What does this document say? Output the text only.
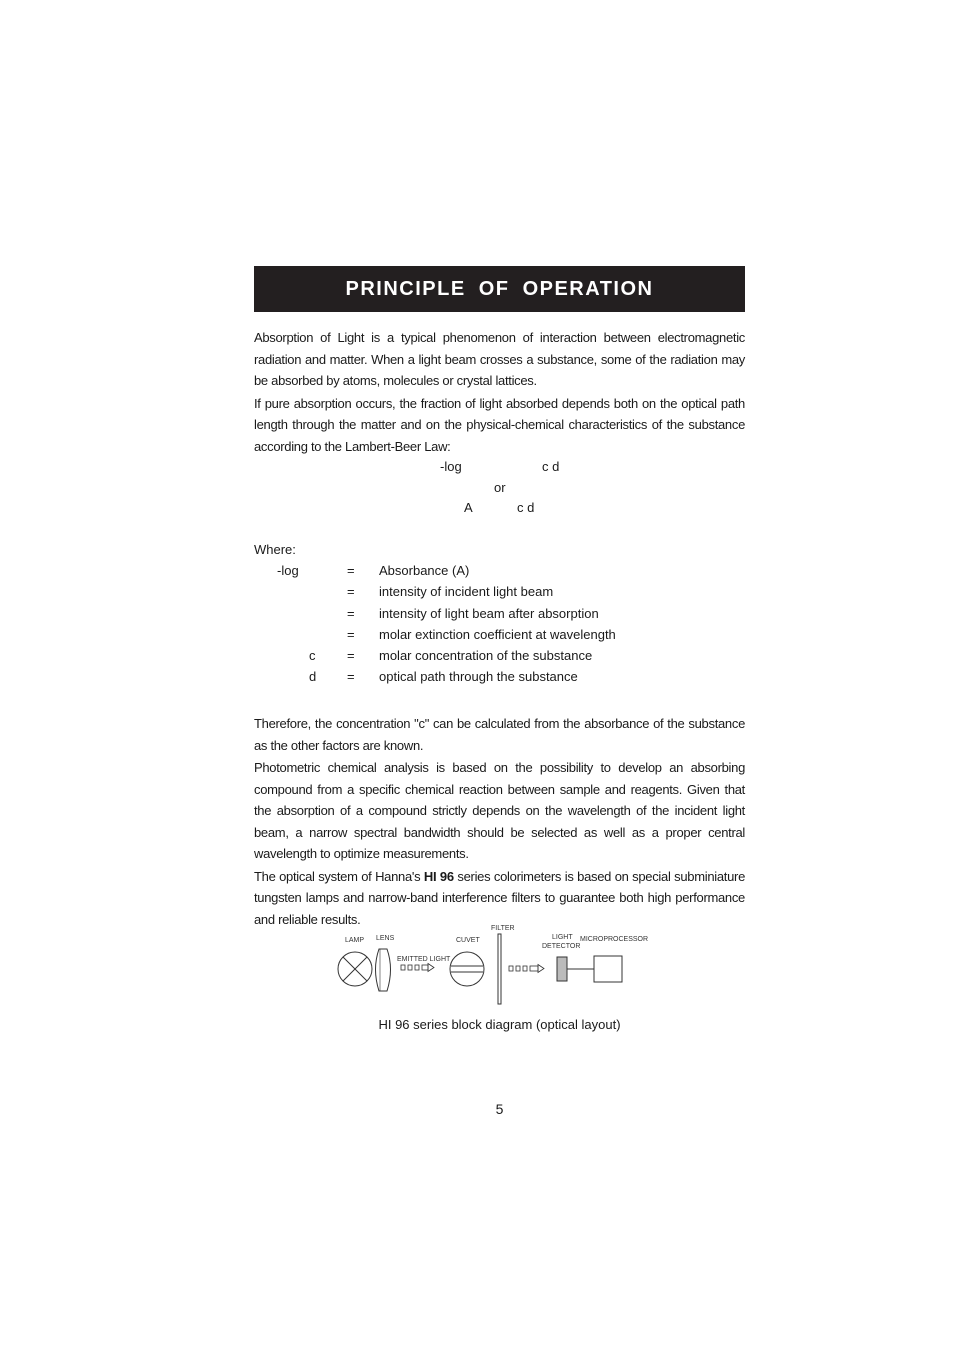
PRINCIPLE OF OPERATION

Absorption of Light is a typical phenomenon of interaction between electromagnetic radiation and matter. When a light beam crosses a substance, some of the radiation may be absorbed by atoms, molecules or crystal lattices.

If pure absorption occurs, the fraction of light absorbed depends both on the optical path length through the matter and on the physical-chemical characteristics of the substance according to the Lambert-Beer Law:

-log	c d
or
A	c d
Where:
-log	= Absorbance (A)
= intensity of incident light beam
= intensity of light beam after absorption
= molar extinction coefficient at wavelength
c = molar concentration of the substance
d = optical path through the substance

Therefore, the concentration "c" can be calculated from the absorbance of the substance as the other factors are known.

Photometric chemical analysis is based on the possibility to develop an absorbing compound from a specific chemical reaction between sample and reagents. Given that the absorption of a compound strictly depends on the wavelength of the incident light beam, a narrow spectral bandwidth should be selected as well as a proper central wavelength to optimize measurements.

The optical system of Hanna's HI 96 series colorimeters is based on special subminiature tungsten lamps and narrow-band interference filters to guarantee both high performance and reliable results.

LAMP LENS
EMITTED LIGHT
CUVET
FILTER
LIGHT
DETECTOR
MICROPROCESSOR
HI 96 series block diagram (optical layout)
5
